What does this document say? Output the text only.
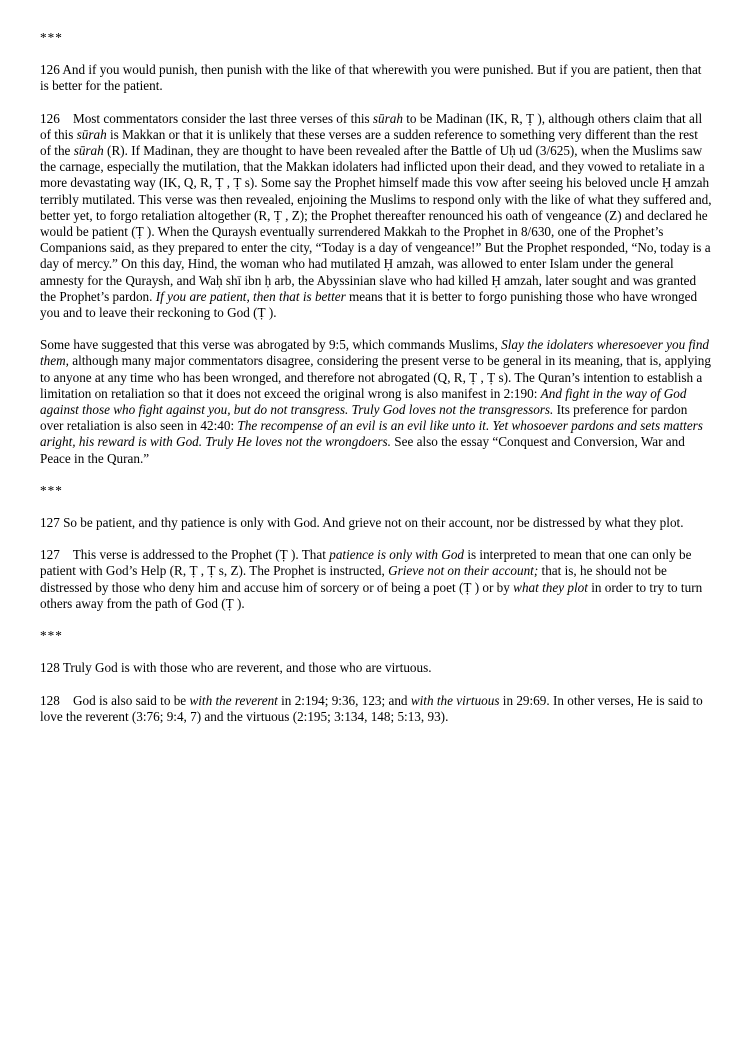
***

126 And if you would punish, then punish with the like of that wherewith you were punished. But if you are patient, then that is better for the patient.

126    Most commentators consider the last three verses of this sūrah to be Madinan (IK, R, Ṭ ), although others claim that all of this sūrah is Makkan or that it is unlikely that these verses are a sudden reference to something very different than the rest of the sūrah (R). If Madinan, they are thought to have been revealed after the Battle of Uḥ ud (3/625), when the Muslims saw the carnage, especially the mutilation, that the Makkan idolaters had inflicted upon their dead, and they vowed to retaliate in a more devastating way (IK, Q, R, Ṭ , Ṭ s). Some say the Prophet himself made this vow after seeing his beloved uncle Ḥ amzah terribly mutilated. This verse was then revealed, enjoining the Muslims to respond only with the like of what they suffered and, better yet, to forgo retaliation altogether (R, Ṭ , Z); the Prophet thereafter renounced his oath of vengeance (Z) and declared he would be patient (Ṭ ). When the Quraysh eventually surrendered Makkah to the Prophet in 8/630, one of the Prophet’s Companions said, as they prepared to enter the city, “Today is a day of vengeance!” But the Prophet responded, “No, today is a day of mercy.” On this day, Hind, the woman who had mutilated Ḥ amzah, was allowed to enter Islam under the general amnesty for the Quraysh, and Waḥ shī ibn ḥ arb, the Abyssinian slave who had killed Ḥ amzah, later sought and was granted the Prophet’s pardon. If you are patient, then that is better means that it is better to forgo punishing those who have wronged you and to leave their reckoning to God (Ṭ ).

Some have suggested that this verse was abrogated by 9:5, which commands Muslims, Slay the idolaters wheresoever you find them, although many major commentators disagree, considering the present verse to be general in its meaning, that is, applying to anyone at any time who has been wronged, and therefore not abrogated (Q, R, Ṭ , Ṭ s). The Quran’s intention to establish a limitation on retaliation so that it does not exceed the original wrong is also manifest in 2:190: And fight in the way of God against those who fight against you, but do not transgress. Truly God loves not the transgressors. Its preference for pardon over retaliation is also seen in 42:40: The recompense of an evil is an evil like unto it. Yet whosoever pardons and sets matters aright, his reward is with God. Truly He loves not the wrongdoers. See also the essay “Conquest and Conversion, War and Peace in the Quran.”

***

127 So be patient, and thy patience is only with God. And grieve not on their account, nor be distressed by what they plot.

127    This verse is addressed to the Prophet (Ṭ ). That patience is only with God is interpreted to mean that one can only be patient with God’s Help (R, Ṭ , Ṭ s, Z). The Prophet is instructed, Grieve not on their account; that is, he should not be distressed by those who deny him and accuse him of sorcery or of being a poet (Ṭ ) or by what they plot in order to try to turn others away from the path of God (Ṭ ).

***

128 Truly God is with those who are reverent, and those who are virtuous.

128    God is also said to be with the reverent in 2:194; 9:36, 123; and with the virtuous in 29:69. In other verses, He is said to love the reverent (3:76; 9:4, 7) and the virtuous (2:195; 3:134, 148; 5:13, 93).
